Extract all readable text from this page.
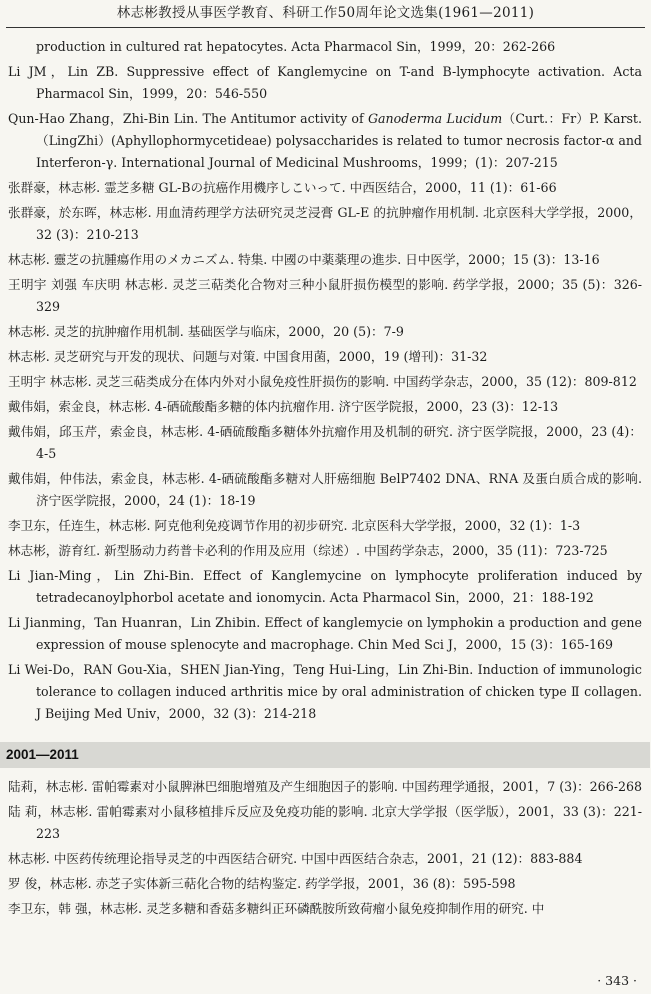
林志彬教授从事医学教育、科研工作50周年论文选集(1961—2011)

production in cultured rat hepatocytes. Acta Pharmacol Sin，1999，20：262-266

Li JM，Lin ZB. Suppressive effect of Kanglemycine on T-and B-lymphocyte activation. Acta Pharmacol Sin，1999，20：546-550

Qun-Hao Zhang，Zhi-Bin Lin. The Antitumor activity of Ganoderma Lucidum（Curt.：Fr）P. Karst.（LingZhi）(Aphyllophormycetideae) polysaccharides is related to tumor necrosis factor-α and Interferon-γ. International Journal of Medicinal Mushrooms，1999；(1)：207-215

张群豪，林志彬. 霊芝多糖 GL-Bの抗癌作用機序しこいって. 中西医结合，2000，11 (1)：61-66

张群豪，於东晖，林志彬. 用血清药理学方法研究灵芝浸膏 GL-E 的抗肿瘤作用机制. 北京医科大学学报，2000，32 (3)：210-213

林志彬. 靈芝の抗腫瘍作用のメカニズム. 特集. 中國の中薬薬理の進歩. 日中医学，2000；15 (3)：13-16

王明宇 刘强 车庆明 林志彬. 灵芝三萜类化合物对三种小鼠肝损伤模型的影响. 药学学报，2000；35 (5)：326-329

林志彬. 灵芝的抗肿瘤作用机制. 基础医学与临床，2000，20 (5)：7-9

林志彬. 灵芝研究与开发的现状、问题与对策. 中国食用菌，2000，19 (增刊)：31-32

王明宇 林志彬. 灵芝三萜类成分在体内外对小鼠免疫性肝损伤的影响. 中国药学杂志，2000，35 (12)：809-812

戴伟娟，索金良，林志彬. 4-硒硫酸酯多糖的体内抗瘤作用. 济宁医学院报，2000，23 (3)：12-13

戴伟娟，邱玉芹，索金良，林志彬. 4-硒硫酸酯多糖体外抗瘤作用及机制的研究. 济宁医学院报，2000，23 (4)：4-5

戴伟娟，仲伟法，索金良，林志彬. 4-硒硫酸酯多糖对人肝癌细胞 BelP7402 DNA、RNA 及蛋白质合成的影响. 济宁医学院报，2000，24 (1)：18-19

李卫东，任连生，林志彬. 阿克他利免疫调节作用的初步研究. 北京医科大学学报，2000，32 (1)：1-3

林志彬，游育红. 新型肠动力药普卡必利的作用及应用（综述）. 中国药学杂志，2000，35 (11)：723-725

Li Jian-Ming，Lin Zhi-Bin. Effect of Kanglemycine on lymphocyte proliferation induced by tetradecanoylphorbol acetate and ionomycin. Acta Pharmacol Sin，2000，21：188-192

Li Jianming，Tan Huanran，Lin Zhibin. Effect of kanglemycie on lymphokin a production and gene expression of mouse splenocyte and macrophage. Chin Med Sci J，2000，15 (3)：165-169

Li Wei-Do，RAN Gou-Xia，SHEN Jian-Ying，Teng Hui-Ling，Lin Zhi-Bin. Induction of immunologic tolerance to collagen induced arthritis mice by oral administration of chicken type Ⅱ collagen. J Beijing Med Univ，2000，32 (3)：214-218

2001—2011

陆莉，林志彬. 雷帕霉素对小鼠脾淋巴细胞增殖及产生细胞因子的影响. 中国药理学通报，2001，7 (3)：266-268

陆 莉，林志彬. 雷帕霉素对小鼠移植排斥反应及免疫功能的影响. 北京大学学报（医学版），2001，33 (3)：221-223

林志彬. 中医药传统理论指导灵芝的中西医结合研究. 中国中西医结合杂志，2001，21 (12)：883-884

罗 俊，林志彬. 赤芝子实体新三萜化合物的结构鉴定. 药学学报，2001，36 (8)：595-598

李卫东，韩 强，林志彬. 灵芝多糖和香菇多糖纠正环磷酰胺所致荷瘤小鼠免疫抑制作用的研究. 中

· 343 ·
